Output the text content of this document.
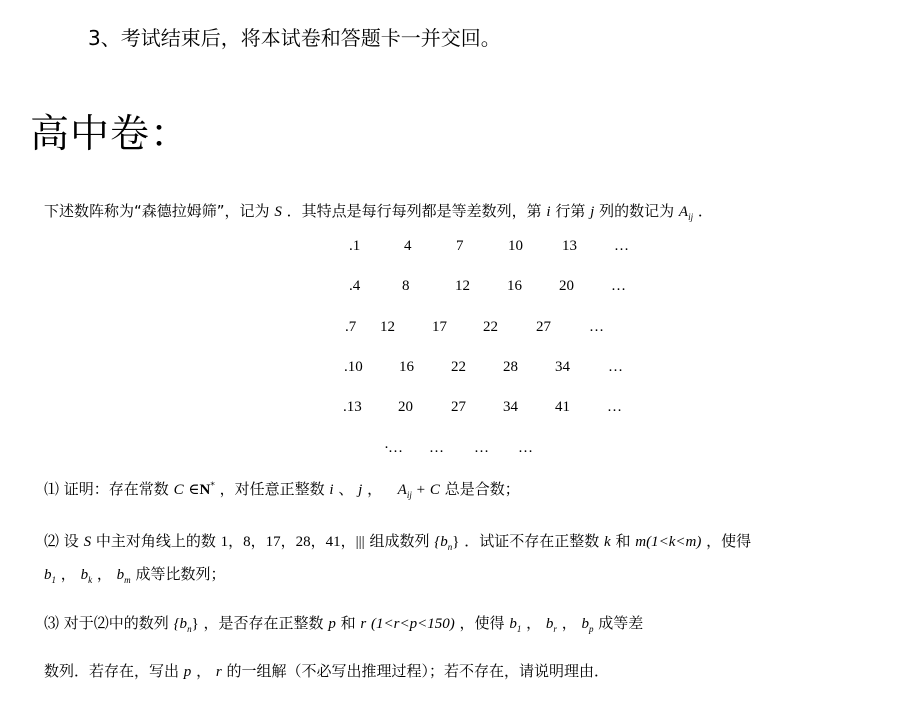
3、考试结束后，将本试卷和答题卡一并交回。
高中卷：
下述数阵称为“森德拉姆筛”，记为 S ．其特点是每行每列都是等差数列，第 i 行第 j 列的数记为 $A_{ij}$ ．
.1	4	7	10	13 …
.4	8	12 16 20 …
.7 12 17 22	27	…
.10 16 22 28 34	…
.13 20	27 34 41 …
· … … … …
⑴ 证明：存在常数 C ∈N* ，对任意正整数 i 、 j ， $A_{ij} + C$ 总是合数；
⑵ 设 S 中主对角线上的数 1，8，17，28，41，||| 组成数列 $\{b_n\}$ ．试证不存在正整数 k 和 m(1<k<m) ，使得
$b_1$ ， $b_k$ ， $b_m$ 成等比数列；
⑶ 对于⑵中的数列 $\{b_n\}$ ，是否存在正整数 p 和 r (1<r<p<150) ，使得 $b_1$ ， $b_r$ ， $b_p$ 成等差
数列．若存在，写出 p ， r 的一组解（不必写出推理过程）；若不存在，请说明理由．
